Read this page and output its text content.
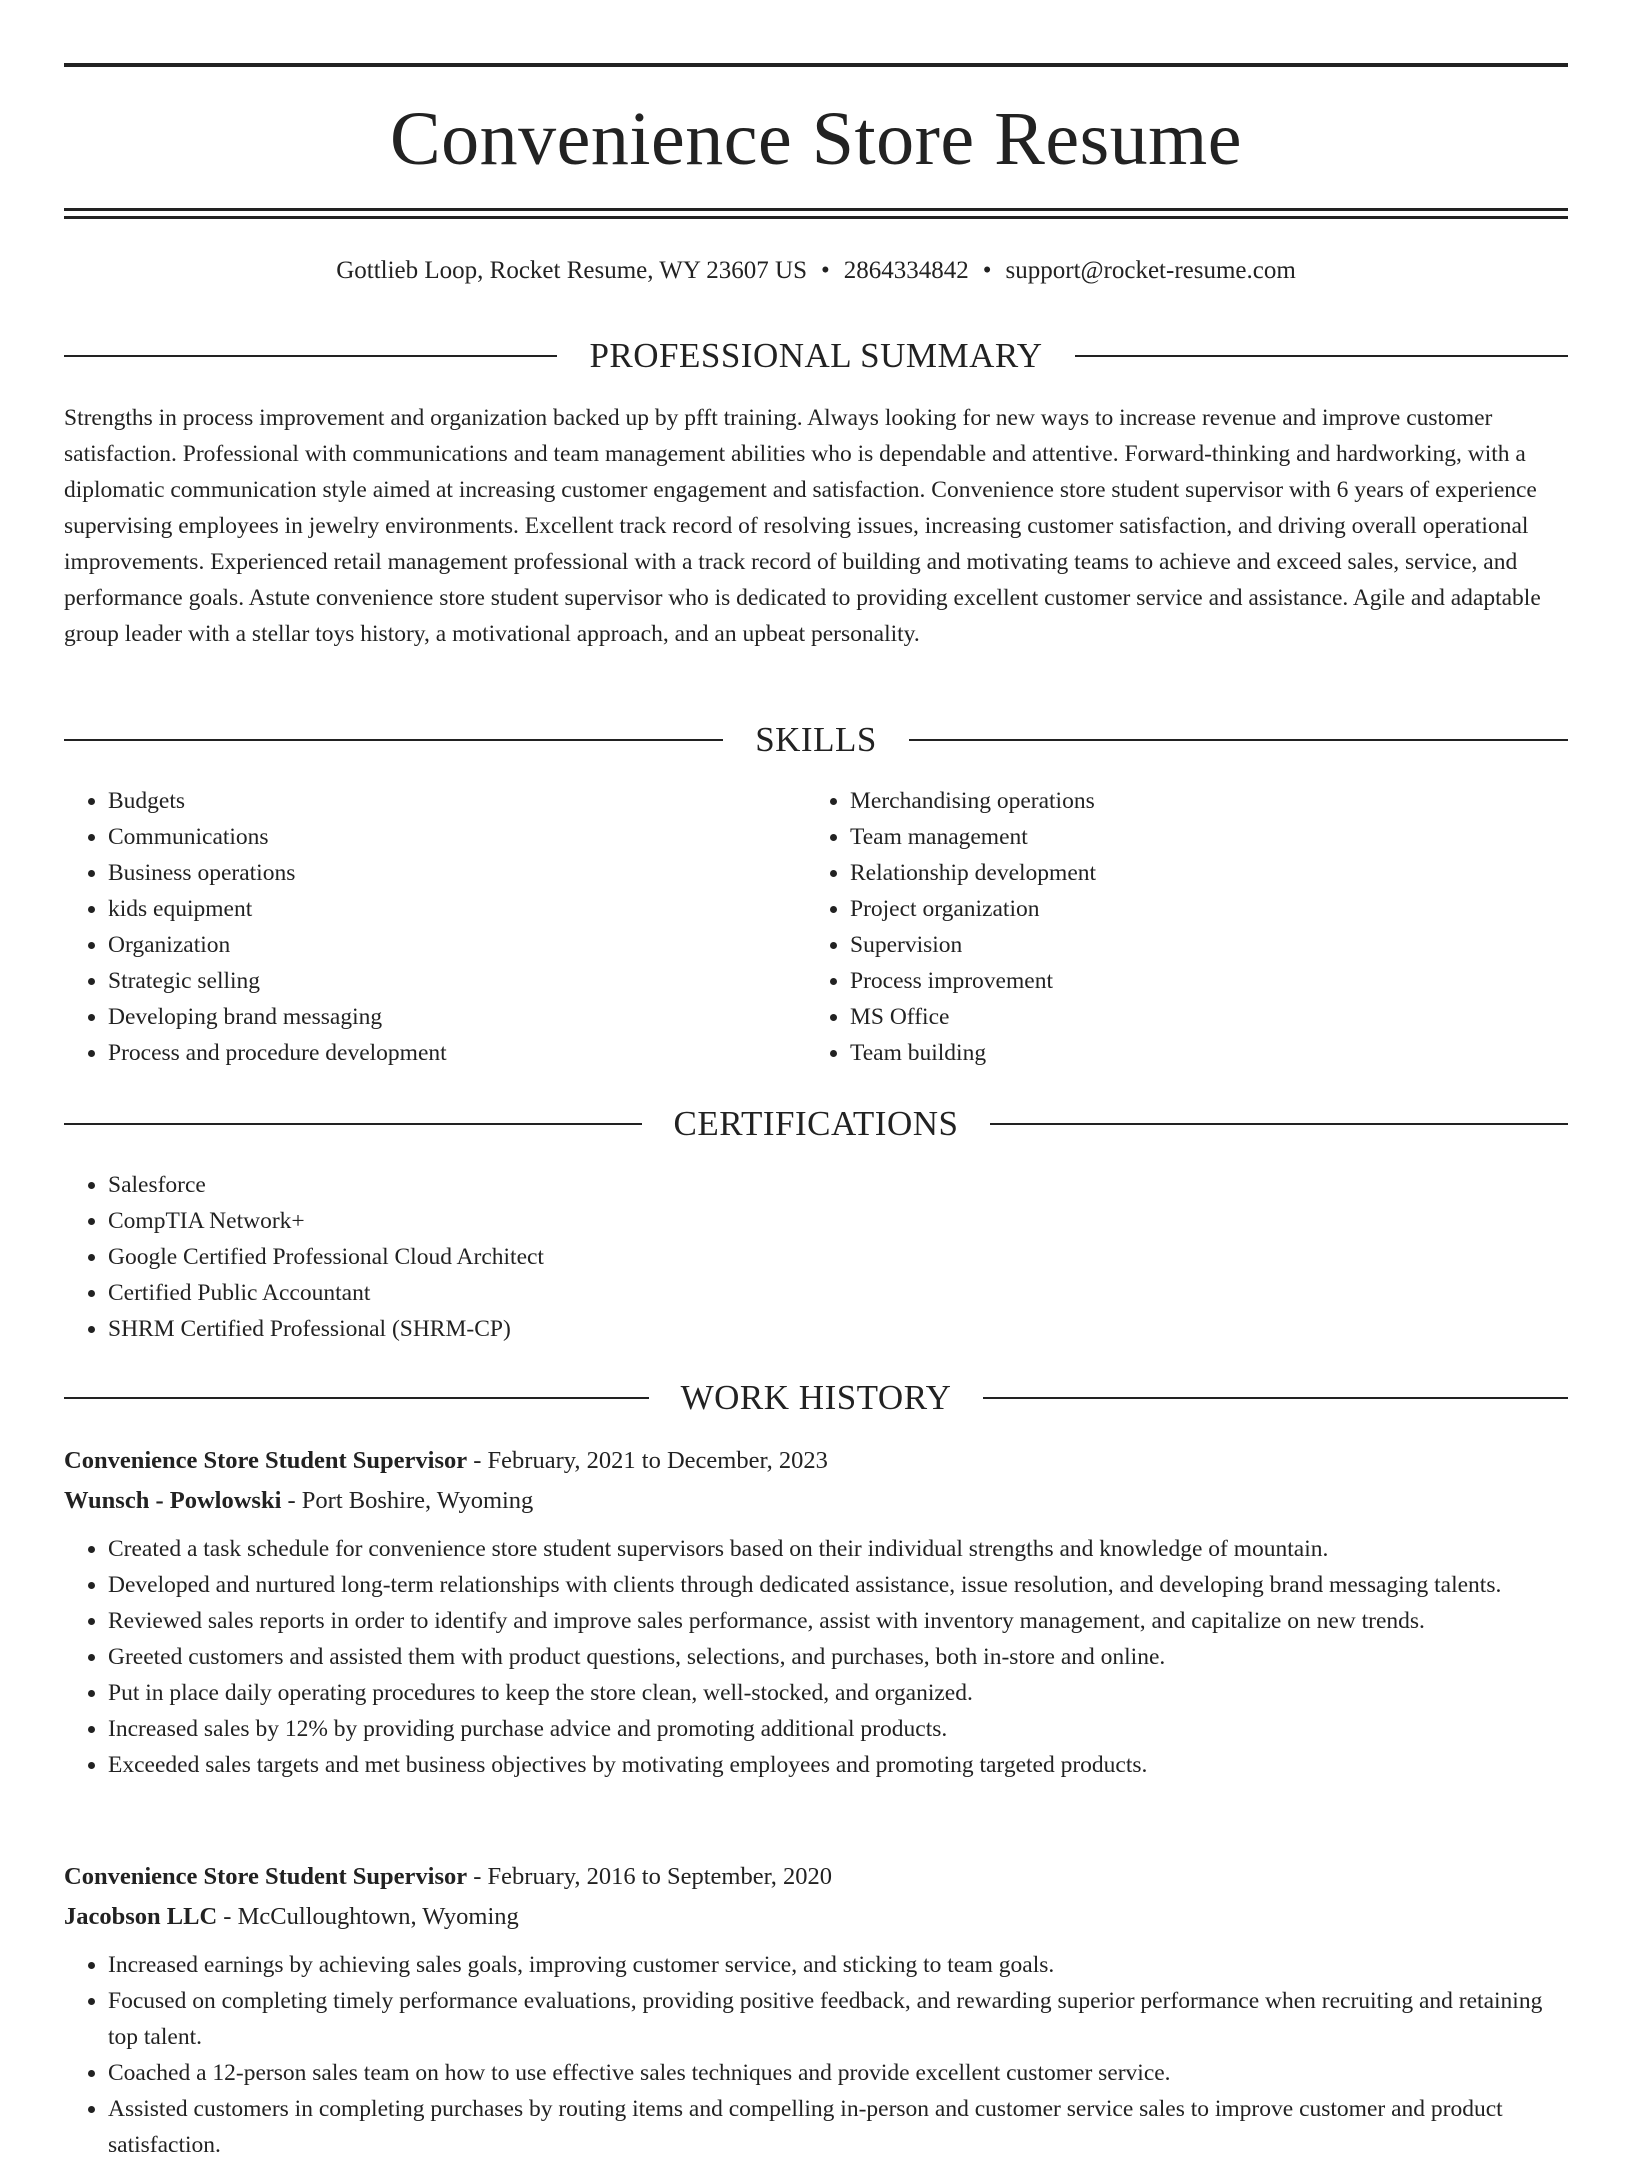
Convenience Store Resume
Gottlieb Loop, Rocket Resume, WY 23607 US • 2864334842 • support@rocket-resume.com
PROFESSIONAL SUMMARY

Strengths in process improvement and organization backed up by pfft training. Always looking for new ways to increase revenue and improve customer satisfaction. Professional with communications and team management abilities who is dependable and attentive. Forward-thinking and hardworking, with a diplomatic communication style aimed at increasing customer engagement and satisfaction. Convenience store student supervisor with 6 years of experience supervising employees in jewelry environments. Excellent track record of resolving issues, increasing customer satisfaction, and driving overall operational improvements. Experienced retail management professional with a track record of building and motivating teams to achieve and exceed sales, service, and performance goals. Astute convenience store student supervisor who is dedicated to providing excellent customer service and assistance. Agile and adaptable group leader with a stellar toys history, a motivational approach, and an upbeat personality.

SKILLS
• Budgets
• Communications
• Business operations
• kids equipment
• Organization
• Strategic selling
• Developing brand messaging
• Process and procedure development
• Merchandising operations
• Team management
• Relationship development
• Project organization
• Supervision
• Process improvement
• MS Office
• Team building
CERTIFICATIONS
• Salesforce
• CompTIA Network+
• Google Certified Professional Cloud Architect
• Certified Public Accountant
• SHRM Certified Professional (SHRM-CP)
WORK HISTORY

Convenience Store Student Supervisor - February, 2021 to December, 2023

Wunsch - Powlowski - Port Boshire, Wyoming

• Created a task schedule for convenience store student supervisors based on their individual strengths and knowledge of mountain.
• Developed and nurtured long-term relationships with clients through dedicated assistance, issue resolution, and developing brand messaging talents.
• Reviewed sales reports in order to identify and improve sales performance, assist with inventory management, and capitalize on new trends.
• Greeted customers and assisted them with product questions, selections, and purchases, both in-store and online.
• Put in place daily operating procedures to keep the store clean, well-stocked, and organized.
• Increased sales by 12% by providing purchase advice and promoting additional products.
• Exceeded sales targets and met business objectives by motivating employees and promoting targeted products.

Convenience Store Student Supervisor - February, 2016 to September, 2020

Jacobson LLC - McCulloughtown, Wyoming

• Increased earnings by achieving sales goals, improving customer service, and sticking to team goals.
• Focused on completing timely performance evaluations, providing positive feedback, and rewarding superior performance when recruiting and retaining top talent.
• Coached a 12-person sales team on how to use effective sales techniques and provide excellent customer service.
• Assisted customers in completing purchases by routing items and compelling in-person and customer service sales to improve customer and product satisfaction.
